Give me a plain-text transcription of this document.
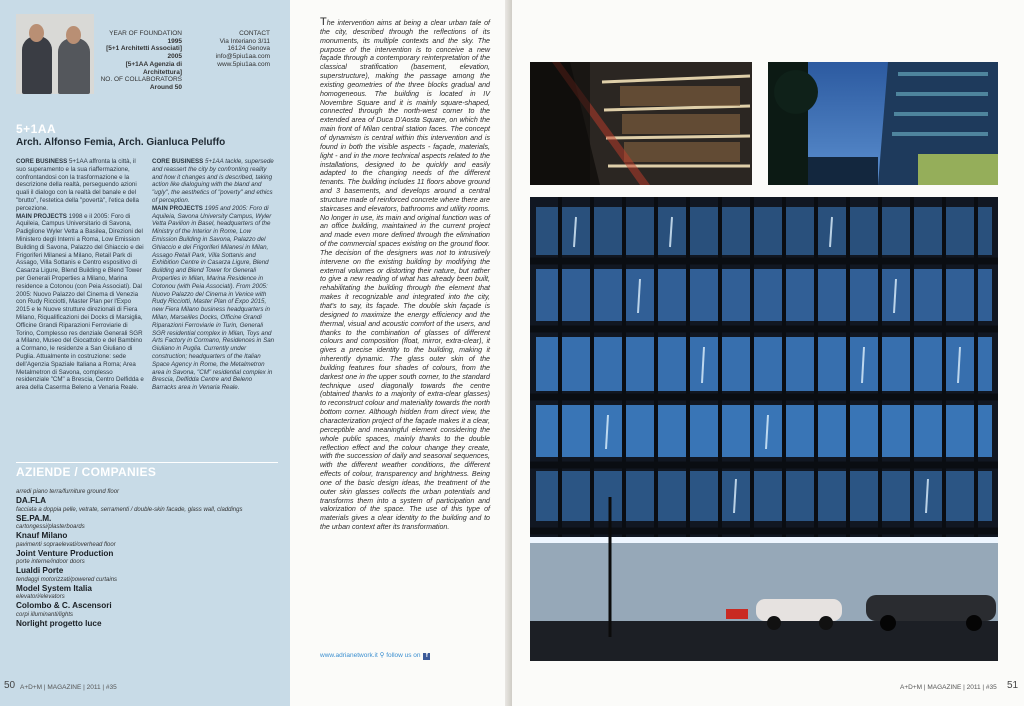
YEAR OF FOUNDATION
1995
[5+1 Architetti Associati]
2005
[5+1AA Agenzia di Architettura]
NO. OF COLLABORATORS
Around 50
CONTACT
Via Interiano 3/11
16124 Genova
info@5piu1aa.com
www.5piu1aa.com
5+1AA
Arch. Alfonso Femia, Arch. Gianluca Peluffo
CORE BUSINESS 5+1AA affronta la città, il suo superamento e la sua riaffermazione, confrontandosi con la trasformazione e la descrizione della realtà, perseguendo azioni quali il dialogo con la realtà del banale e del "brutto", l'estetica della "povertà", l'etica della percezione.
MAIN PROJECTS 1998 e il 2005: Foro di Aquileia, Campus Universitario di Savona, Padiglione Wyler Vetta a Basilea, Direzioni del Ministero degli Interni a Roma, Low Emission Building di Savona, Palazzo del Ghiaccio e dei Frigoriferi Milanesi a Milano, Retail Park di Assago, Villa Sottanis e Centro espositivo di Casarza Ligure, Blend Building e Blend Tower per Generali Properties a Milano, Marina residence a Cotonou (con Peia Associati). Dal 2005: Nuovo Palazzo del Cinema di Venezia con Rudy Ricciotti, Master Plan per l'Expo 2015 e le Nuove strutture direzionali di Fiera Milano, Riqualificazioni dei Docks di Marsiglia, Officine Grandi Riparazioni Ferroviarie di Torino, Complesso res denziale Generali SGR a Milano, Museo del Giocattolo e del Bambino a Cormano, le residenze a San Giuliano di Puglia. Attualmente in costruzione: sede dell'Agenzia Spaziale Italiana a Roma; Area Metalmetron di Savona, complesso residenziale "CM" a Brescia, Centro Delfidda e area della Caserma Beleno a Venaria Reale.
CORE BUSINESS 5+1AA tackle, supersede and reassert the city by confronting reality and how it changes and is described, taking action like dialoguing with the bland and "ugly", the aesthetics of "poverty" and ethics of perception.
MAIN PROJECTS 1995 and 2005: Foro di Aquileia, Savona University Campus, Wyler Vetta Pavilion in Basel, headquarters of the Ministry of the Interior in Rome, Low Emission Building in Savona, Palazzo del Ghiaccio e dei Frigoriferi Milanesi in Milan, Assago Retail Park, Villa Sottanis and Exhibition Centre in Casarza Ligure, Blend Building and Blend Tower for Generali Properties in Milan, Marina Residence in Cotonou (with Peia Associati). From 2005: Nuovo Palazzo del Cinema in Venice with Rudy Ricciotti, Master Plan of Expo 2015, new Fiera Milano business headquarters in Milan, Marseilles Docks, Officine Grandi Riparazioni Ferroviarie in Turin, Generali SGR residential complex in Milan, Toys and Arts Factory in Cormano, Residences in San Giuliano in Puglia. Currently under construction; headquarters of the Italian Space Agency in Rome, the Metalmetron area in Savona, "CM" residential complex in Brescia, Delfidda Centre and Beleno Barracks area in Venaria Reale.
AZIENDE / COMPANIES
arredi piano terra/furniture ground floor
DA.FLA
facciata a doppia pelle, vetrate, serramenti / double-skin facade, glass wall, claddings
SE.PA.M.
cartongessi/plasterboards
Knauf Milano
pavimenti sopraelevati/overhead floor
Joint Venture Production
porte interne/indoor doors
Lualdi Porte
tendaggi motorizzati/powered curtains
Model System Italia
elevatori/elevators
Colombo & C. Ascensori
corpi illuminanti/lights
Norlight progetto luce
The intervention aims at being a clear urban tale of the city, described through the reflections of its monuments, its multiple contexts and the sky. The purpose of the intervention is to conceive a new façade through a contemporary reinterpretation of the classical stratification (basement, elevation, superstructure), making the passage among the existing geometries of the three blocks gradual and homogeneous. The building is located in IV Novembre Square and it is mainly square-shaped, connected through the north-west corner to the extended area of Duca D'Aosta Square, on which the main front of Milan central station faces. The concept of dynamism is central within this intervention and is found in both the visible aspects - façade, materials, light - and in the more technical aspects related to the installations, designed to be quickly and easily adapted to the changing needs of the different tenants. The building includes 11 floors above ground and 3 basements, and develops around a central structure made of reinforced concrete where there are staircases and elevators, bathrooms and utility rooms. No longer in use, its main and original function was of an office building, maintained in the current project and made even more defined through the elimination of the commercial spaces existing on the ground floor. The decision of the designers was not to intrusively intervene on the existing building by modifying the external volumes or distorting their nature, but rather to give a new reading of what has already been built, rehabilitating the building through the element that makes it recognizable and integrated into the city, that's to say, its façade. The double skin façade is designed to maximize the energy efficiency and the thermal, visual and acoustic comfort of the users, and thanks to the combination of glasses of different colours and composition (float, mirror, extra-clear), it gives a precise identity to the building, making it inherently dynamic. The glass outer skin of the building features four shades of colours, from the darkest one in the upper south corner, to the standard technique used diagonally towards the centre (obtained thanks to a majority of extra-clear glasses) to reconstruct colour and materiality towards the north bottom corner. Although hidden from direct view, the characterization project of the façade makes it a clear, perceptible and meaningful element considering the whole public spaces, mainly thanks to the double reflection effect and the colour change they create, with the succession of daily and seasonal sequences, with the different weather conditions, the different effects of colour, transparency and brightness. Being one of the basic design ideas, the treatment of the outer skin glasses collects the urban potentials and transforms them into a system of participation and valorization of the space. The use of this type of materials gives a clear identity to the building and to the urban context after its transformation.
www.adrianetwork.it ⚲ follow us on f
50 A+D+M | MAGAZINE | 2011 | #35	A+D+M | MAGAZINE | 2011 | #35 51
